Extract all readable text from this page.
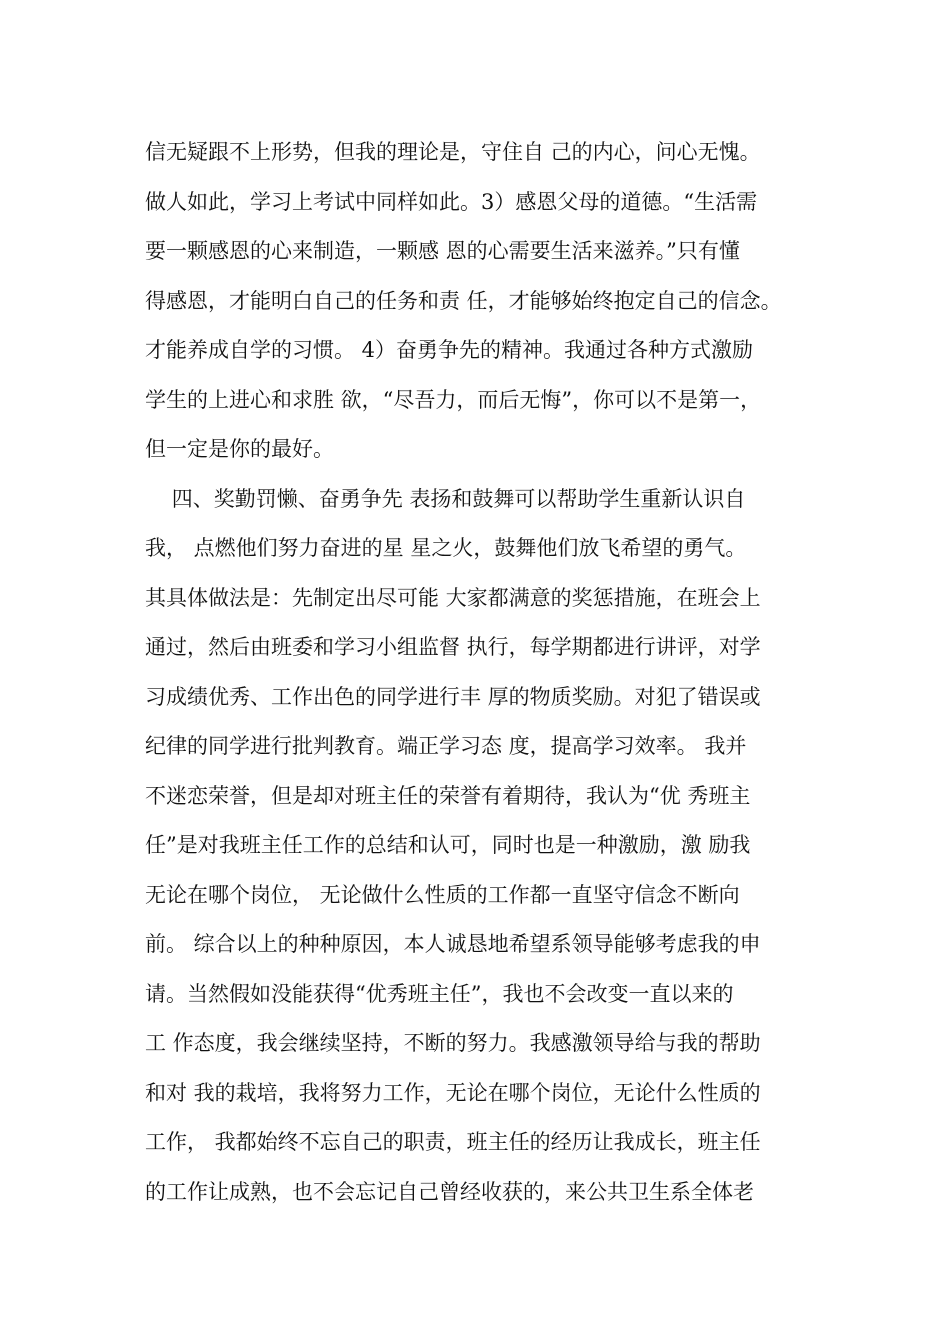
信无疑跟不上形势，但我的理论是，守住自 己的内心，问心无愧。
做人如此，学习上考试中同样如此。3）感恩父母的道德。“生活需
要一颗感恩的心来制造，一颗感 恩的心需要生活来滋养。”只有懂
得感恩，才能明白自己的任务和责 任，才能够始终抱定自己的信念。
才能养成自学的习惯。 4）奋勇争先的精神。我通过各种方式激励
学生的上进心和求胜 欲，“尽吾力，而后无悔”，你可以不是第一，
但一定是你的最好。
四、奖勤罚懒、奋勇争先 表扬和鼓舞可以帮助学生重新认识自
我， 点燃他们努力奋进的星 星之火，鼓舞他们放飞希望的勇气。
其具体做法是：先制定出尽可能 大家都满意的奖惩措施，在班会上
通过，然后由班委和学习小组监督 执行，每学期都进行讲评，对学
习成绩优秀、工作出色的同学进行丰 厚的物质奖励。对犯了错误或
纪律的同学进行批判教育。端正学习态 度，提高学习效率。 我并
不迷恋荣誉，但是却对班主任的荣誉有着期待，我认为“优 秀班主
任”是对我班主任工作的总结和认可，同时也是一种激励，激 励我
无论在哪个岗位， 无论做什么性质的工作都一直坚守信念不断向
前。 综合以上的种种原因，本人诚恳地希望系领导能够考虑我的申
请。当然假如没能获得“优秀班主任”，我也不会改变一直以来的
工 作态度，我会继续坚持，不断的努力。我感激领导给与我的帮助
和对 我的栽培，我将努力工作，无论在哪个岗位，无论什么性质的
工作， 我都始终不忘自己的职责，班主任的经历让我成长，班主任
的工作让成熟，也不会忘记自己曾经收获的，来公共卫生系全体老
